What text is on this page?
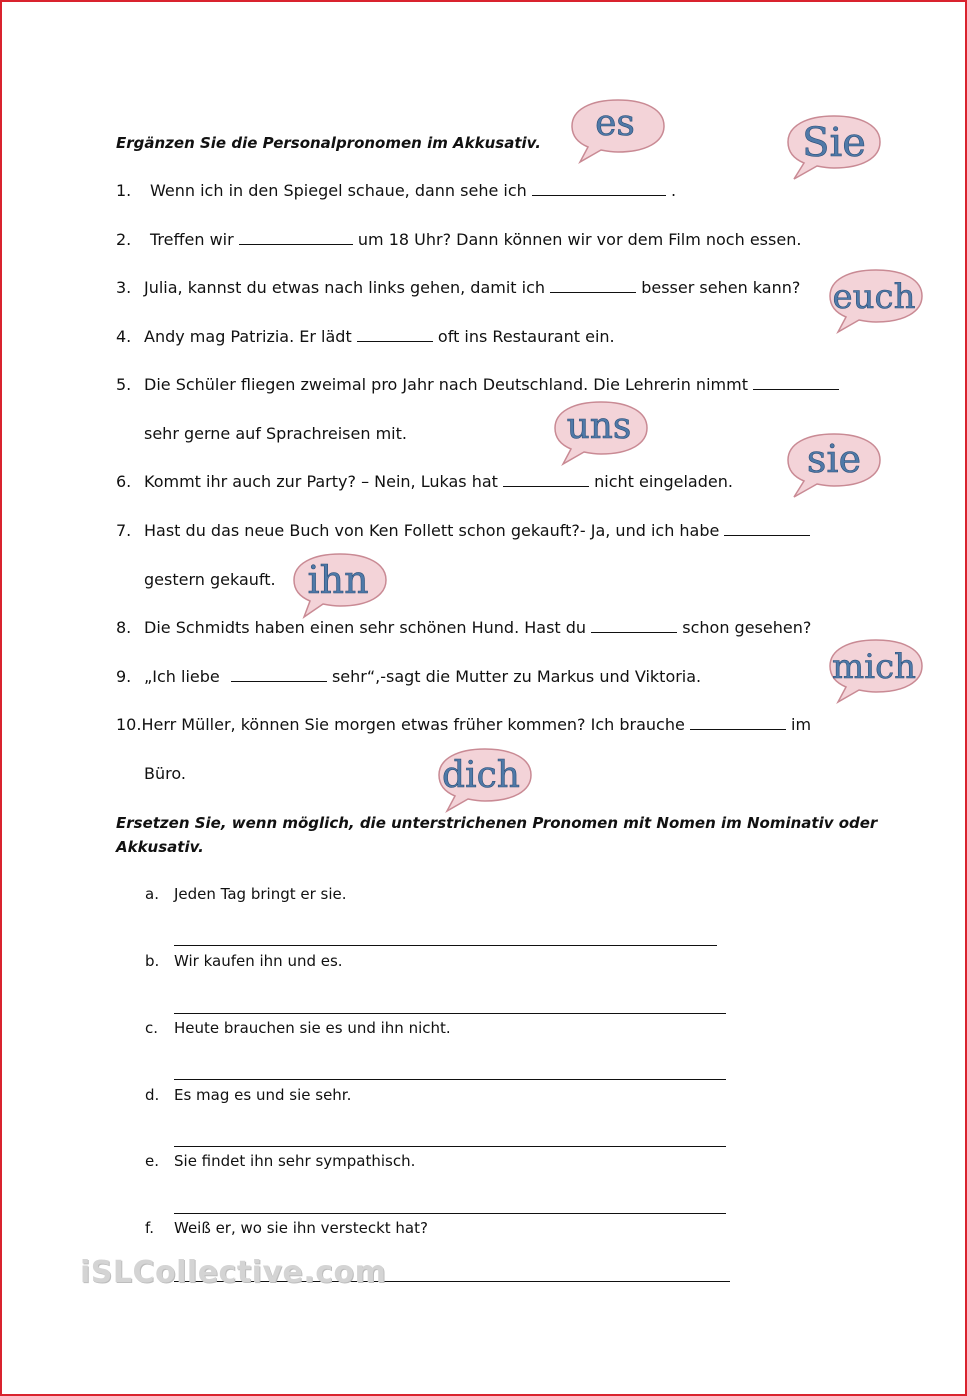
Ergänzen Sie die Personalpronomen im Akkusativ.
1. Wenn ich in den Spiegel schaue, dann sehe ich	.
2. Treffen wir	um 18 Uhr? Dann können wir vor dem Film noch essen.
3. Julia, kannst du etwas nach links gehen, damit ich	besser sehen kann?
4. Andy mag Patrizia. Er lädt	oft ins Restaurant ein.
5. Die Schüler fliegen zweimal pro Jahr nach Deutschland. Die Lehrerin nimmt
sehr gerne auf Sprachreisen mit.
6. Kommt ihr auch zur Party? – Nein, Lukas hat	nicht eingeladen.
7. Hast du das neue Buch von Ken Follett schon gekauft?- Ja, und ich habe
gestern gekauft.
8. Die Schmidts haben einen sehr schönen Hund. Hast du	schon gesehen?
9. „Ich liebe	sehr“,-sagt die Mutter zu Markus und Viktoria.
10.Herr Müller, können Sie morgen etwas früher kommen? Ich brauche	im
Büro.
Ersetzen Sie, wenn möglich, die unterstrichenen Pronomen mit Nomen im Nominativ oder
Akkusativ.
a. Jeden Tag bringt er sie.
b. Wir kaufen ihn und es.
c. Heute brauchen sie es und ihn nicht.
d. Es mag es und sie sehr.
e. Sie findet ihn sehr sympathisch.
f. Weiß er, wo sie ihn versteckt hat?
es	Sie
euch
uns
sie
ihn
mich
dich
iSLCollective.com
